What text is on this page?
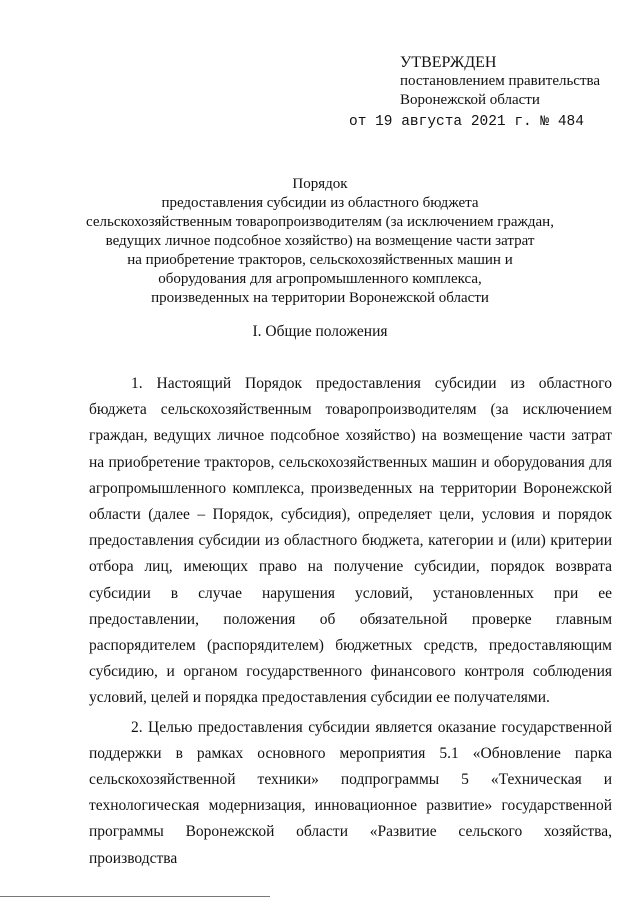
УТВЕРЖДЕН
постановлением правительства
Воронежской области
от 19 августа 2021 г. № 484
Порядок
предоставления субсидии из областного бюджета
сельскохозяйственным товаропроизводителям (за исключением граждан,
ведущих личное подсобное хозяйство) на возмещение части затрат
на приобретение тракторов, сельскохозяйственных машин и
оборудования для агропромышленного комплекса,
произведенных на территории Воронежской области
I. Общие положения

1. Настоящий Порядок предоставления субсидии из областного бюджета сельскохозяйственным товаропроизводителям (за исключением граждан, ведущих личное подсобное хозяйство) на возмещение части затрат на приобретение тракторов, сельскохозяйственных машин и оборудования для агропромышленного комплекса, произведенных на территории Воронежской области (далее – Порядок, субсидия), определяет цели, условия и порядок предоставления субсидии из областного бюджета, категории и (или) критерии отбора лиц, имеющих право на получение субсидии, порядок возврата субсидии в случае нарушения условий, установленных при ее предоставлении, положения об обязательной проверке главным распорядителем (распорядителем) бюджетных средств, предоставляющим субсидию, и органом государственного финансового контроля соблюдения условий, целей и порядка предоставления субсидии ее получателями.

2. Целью предоставления субсидии является оказание государственной поддержки в рамках основного мероприятия 5.1 «Обновление парка сельскохозяйственной техники» подпрограммы 5 «Техническая и технологическая модернизация, инновационное развитие» государственной программы Воронежской области «Развитие сельского хозяйства, производства
